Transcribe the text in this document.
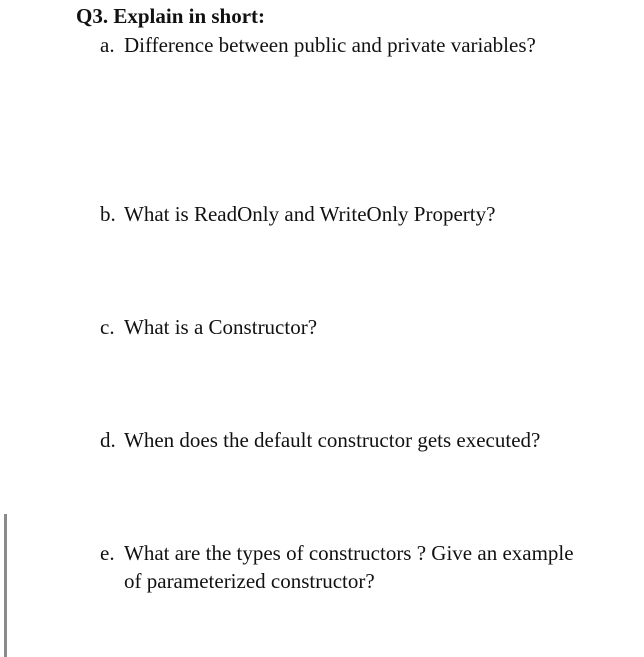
Q3. Explain in short:
a. Difference between public and private variables?
b. What is ReadOnly and WriteOnly Property?
c. What is a Constructor?
d. When does the default constructor gets executed?
e. What are the types of constructors ? Give an example
of parameterized constructor?
